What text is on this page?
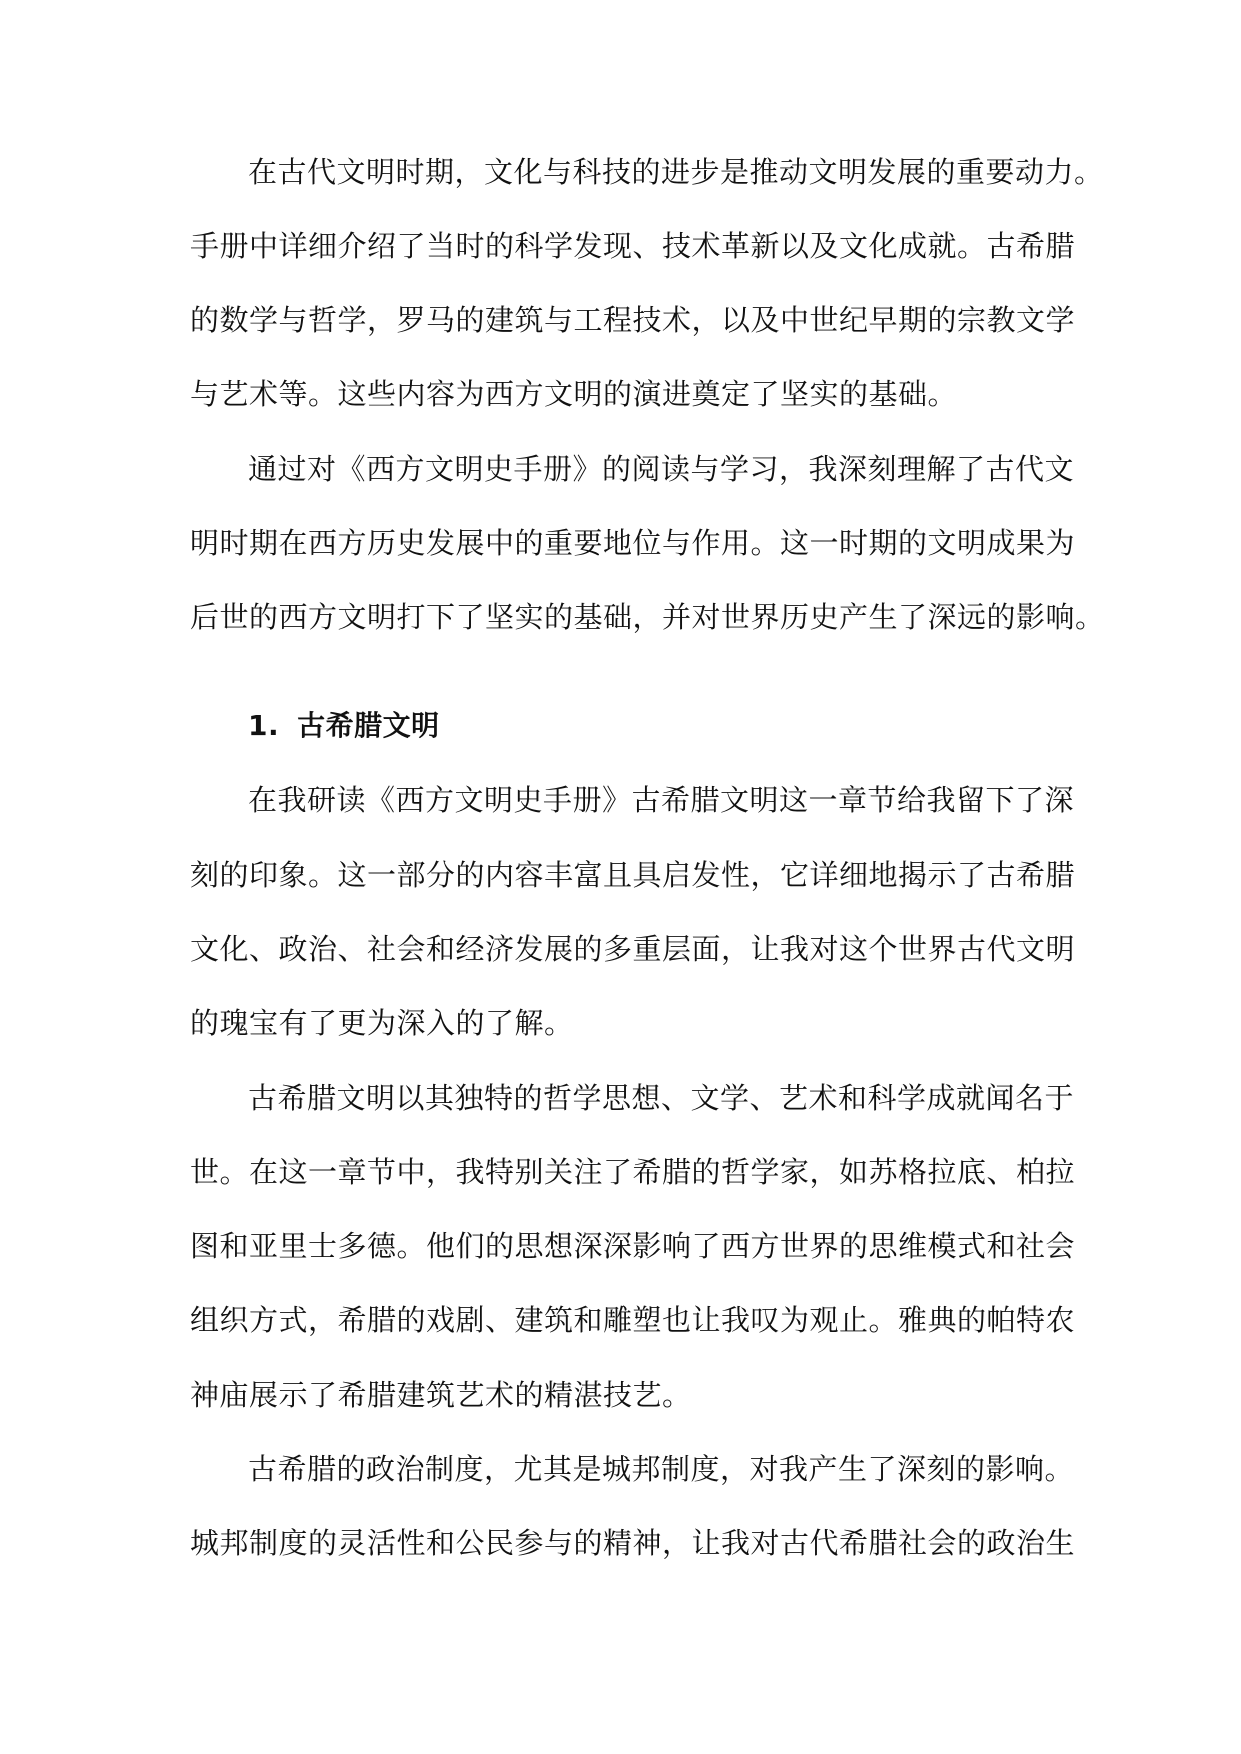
在古代文明时期，文化与科技的进步是推动文明发展的重要动力。
手册中详细介绍了当时的科学发现、技术革新以及文化成就。古希腊
的数学与哲学，罗马的建筑与工程技术，以及中世纪早期的宗教文学
与艺术等。这些内容为西方文明的演进奠定了坚实的基础。
通过对《西方文明史手册》的阅读与学习，我深刻理解了古代文
明时期在西方历史发展中的重要地位与作用。这一时期的文明成果为
后世的西方文明打下了坚实的基础，并对世界历史产生了深远的影响。
1. 古希腊文明
在我研读《西方文明史手册》古希腊文明这一章节给我留下了深
刻的印象。这一部分的内容丰富且具启发性，它详细地揭示了古希腊
文化、政治、社会和经济发展的多重层面，让我对这个世界古代文明
的瑰宝有了更为深入的了解。
古希腊文明以其独特的哲学思想、文学、艺术和科学成就闻名于
世。在这一章节中，我特别关注了希腊的哲学家，如苏格拉底、柏拉
图和亚里士多德。他们的思想深深影响了西方世界的思维模式和社会
组织方式，希腊的戏剧、建筑和雕塑也让我叹为观止。雅典的帕特农
神庙展示了希腊建筑艺术的精湛技艺。
古希腊的政治制度，尤其是城邦制度，对我产生了深刻的影响。
城邦制度的灵活性和公民参与的精神，让我对古代希腊社会的政治生
